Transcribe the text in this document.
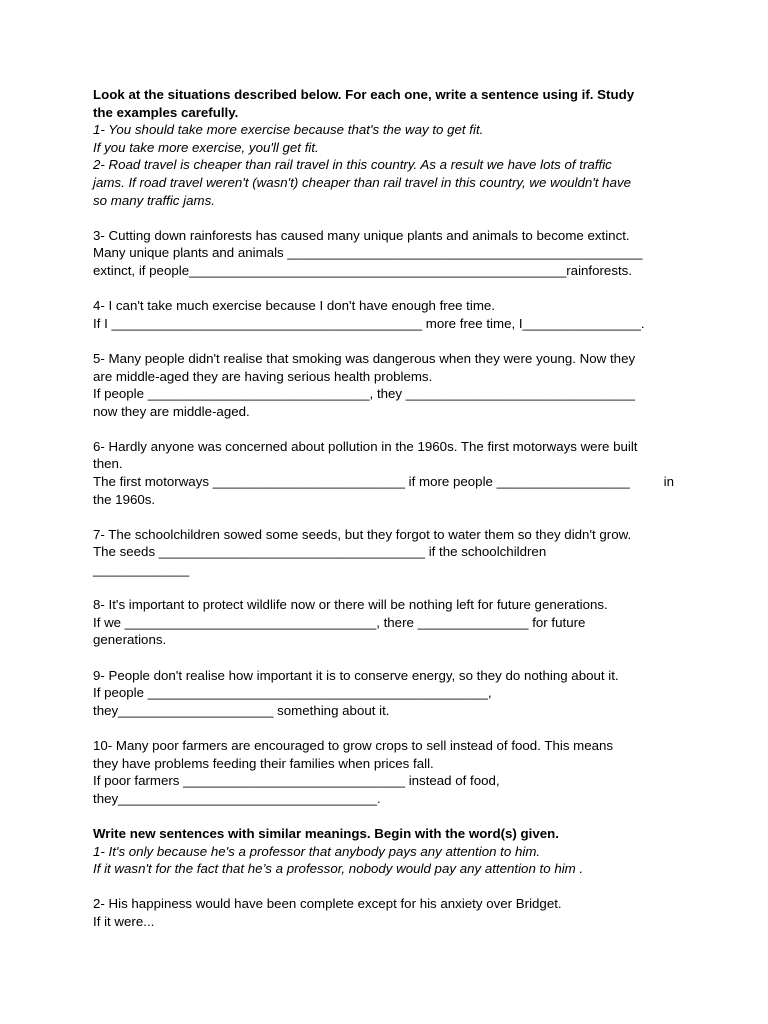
Look at the situations described below. For each one, write a sentence using if. Study
the examples carefully.
1- You should take more exercise because that's the way to get fit.
If you take more exercise, you'll get fit.
2- Road travel is cheaper than rail travel in this country. As a result we have lots of traffic
jams. If road travel weren't (wasn't) cheaper than rail travel in this country, we wouldn't have
so many traffic jams.
3- Cutting down rainforests has caused many unique plants and animals to become extinct.
Many unique plants and animals ________________________________________________
extinct, if people___________________________________________________rainforests.
4- I can't take much exercise because I don't have enough free time.
If I __________________________________________ more free time, I________________.
5- Many people didn't realise that smoking was dangerous when they were young. Now they
are middle-aged they are having serious health problems.
If people ______________________________, they _______________________________
now they are middle-aged.
6- Hardly anyone was concerned about pollution in the 1960s. The first motorways were built
then.
The first motorways __________________________ if more people __________________	in
the 1960s.
7- The schoolchildren sowed some seeds, but they forgot to water them so they didn't grow.
The seeds ____________________________________ if the schoolchildren
_____________
8- It's important to protect wildlife now or there will be nothing left for future generations.
If we __________________________________, there _______________ for future
generations.
9- People don't realise how important it is to conserve energy, so they do nothing about it.
If people ______________________________________________,
they_____________________ something about it.
10- Many poor farmers are encouraged to grow crops to sell instead of food. This means
they have problems feeding their families when prices fall.
If poor farmers ______________________________ instead of food,
they___________________________________.
Write new sentences with similar meanings. Begin with the word(s) given.
1- It's only because he's a professor that anybody pays any attention to him.
If it wasn't for the fact that he’s a professor, nobody would pay any attention to him .
2- His happiness would have been complete except for his anxiety over Bridget.
If it were...
